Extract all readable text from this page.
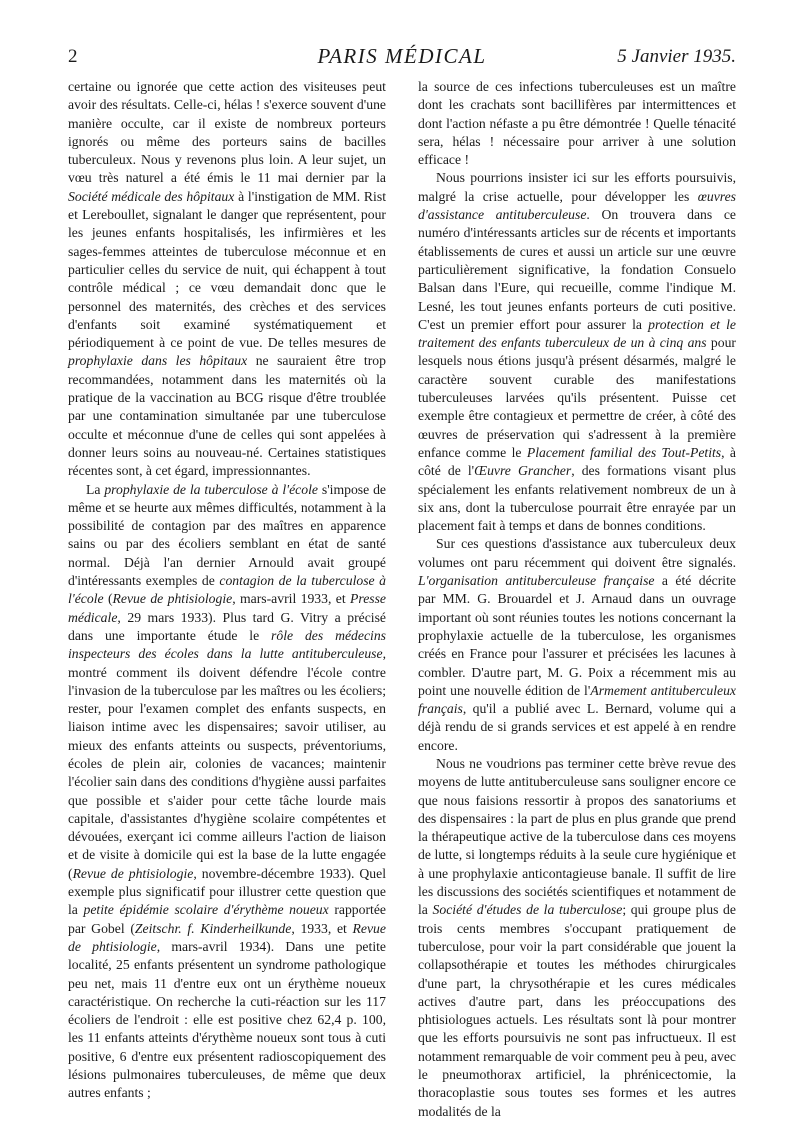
2	PARIS MÉDICAL	5 Janvier 1935.

certaine ou ignorée que cette action des visiteuses peut avoir des résultats. Celle-ci, hélas ! s'exerce souvent d'une manière occulte, car il existe de nombreux porteurs ignorés ou même des porteurs sains de bacilles tuberculeux. Nous y revenons plus loin. A leur sujet, un vœu très naturel a été émis le 11 mai dernier par la Société médicale des hôpitaux à l'instigation de MM. Rist et Lereboullet, signalant le danger que représentent, pour les jeunes enfants hospitalisés, les infirmières et les sages-femmes atteintes de tuberculose méconnue et en particulier celles du service de nuit, qui échappent à tout contrôle médical ; ce vœu demandait donc que le personnel des maternités, des crèches et des services d'enfants soit examiné systématiquement et périodiquement à ce point de vue. De telles mesures de prophylaxie dans les hôpitaux ne sauraient être trop recommandées, notamment dans les maternités où la pratique de la vaccination au BCG risque d'être troublée par une contamination simultanée par une tuberculose occulte et méconnue d'une de celles qui sont appelées à donner leurs soins au nouveau-né. Certaines statistiques récentes sont, à cet égard, impressionnantes.

La prophylaxie de la tuberculose à l'école s'impose de même et se heurte aux mêmes difficultés, notamment à la possibilité de contagion par des maîtres en apparence sains ou par des écoliers semblant en état de santé normal. Déjà l'an dernier Arnould avait groupé d'intéressants exemples de contagion de la tuberculose à l'école (Revue de phtisiologie, mars-avril 1933, et Presse médicale, 29 mars 1933). Plus tard G. Vitry a précisé dans une importante étude le rôle des médecins inspecteurs des écoles dans la lutte antituberculeuse, montré comment ils doivent défendre l'école contre l'invasion de la tuberculose par les maîtres ou les écoliers; rester, pour l'examen complet des enfants suspects, en liaison intime avec les dispensaires; savoir utiliser, au mieux des enfants atteints ou suspects, préventoriums, écoles de plein air, colonies de vacances; maintenir l'écolier sain dans des conditions d'hygiène aussi parfaites que possible et s'aider pour cette tâche lourde mais capitale, d'assistantes d'hygiène scolaire compétentes et dévouées, exerçant ici comme ailleurs l'action de liaison et de visite à domicile qui est la base de la lutte engagée (Revue de phtisiologie, novembre-décembre 1933). Quel exemple plus significatif pour illustrer cette question que la petite épidémie scolaire d'érythème noueux rapportée par Gobel (Zeitschr. f. Kinderheilkunde, 1933, et Revue de phtisiologie, mars-avril 1934). Dans une petite localité, 25 enfants présentent un syndrome pathologique peu net, mais 11 d'entre eux ont un érythème noueux caractéristique. On recherche la cuti-réaction sur les 117 écoliers de l'endroit : elle est positive chez 62,4 p. 100, les 11 enfants atteints d'érythème noueux sont tous à cuti positive, 6 d'entre eux présentent radioscopiquement des lésions pulmonaires tuberculeuses, de même que deux autres enfants ;

la source de ces infections tuberculeuses est un maître dont les crachats sont bacillifères par intermittences et dont l'action néfaste a pu être démontrée ! Quelle ténacité sera, hélas ! nécessaire pour arriver à une solution efficace !

Nous pourrions insister ici sur les efforts poursuivis, malgré la crise actuelle, pour développer les œuvres d'assistance antituberculeuse. On trouvera dans ce numéro d'intéressants articles sur de récents et importants établissements de cures et aussi un article sur une œuvre particulièrement significative, la fondation Consuelo Balsan dans l'Eure, qui recueille, comme l'indique M. Lesné, les tout jeunes enfants porteurs de cuti positive. C'est un premier effort pour assurer la protection et le traitement des enfants tuberculeux de un à cinq ans pour lesquels nous étions jusqu'à présent désarmés, malgré le caractère souvent curable des manifestations tuberculeuses larvées qu'ils présentent. Puisse cet exemple être contagieux et permettre de créer, à côté des œuvres de préservation qui s'adressent à la première enfance comme le Placement familial des Tout-Petits, à côté de l'Œuvre Grancher, des formations visant plus spécialement les enfants relativement nombreux de un à six ans, dont la tuberculose pourrait être enrayée par un placement fait à temps et dans de bonnes conditions.

Sur ces questions d'assistance aux tuberculeux deux volumes ont paru récemment qui doivent être signalés. L'organisation antituberculeuse française a été décrite par MM. G. Brouardel et J. Arnaud dans un ouvrage important où sont réunies toutes les notions concernant la prophylaxie actuelle de la tuberculose, les organismes créés en France pour l'assurer et précisées les lacunes à combler. D'autre part, M. G. Poix a récemment mis au point une nouvelle édition de l'Armement antituberculeux français, qu'il a publié avec L. Bernard, volume qui a déjà rendu de si grands services et est appelé à en rendre encore.

Nous ne voudrions pas terminer cette brève revue des moyens de lutte antituberculeuse sans souligner encore ce que nous faisions ressortir à propos des sanatoriums et des dispensaires : la part de plus en plus grande que prend la thérapeutique active de la tuberculose dans ces moyens de lutte, si longtemps réduits à la seule cure hygiénique et à une prophylaxie anticontagieuse banale. Il suffit de lire les discussions des sociétés scientifiques et notamment de la Société d'études de la tuberculose; qui groupe plus de trois cents membres s'occupant pratiquement de tuberculose, pour voir la part considérable que jouent la collapsothérapie et toutes les méthodes chirurgicales d'une part, la chrysothérapie et les cures médicales actives d'autre part, dans les préoccupations des phtisiologues actuels. Les résultats sont là pour montrer que les efforts poursuivis ne sont pas infructueux. Il est notamment remarquable de voir comment peu à peu, avec le pneumothorax artificiel, la phrénicectomie, la thoracoplastie sous toutes ses formes et les autres modalités de la
